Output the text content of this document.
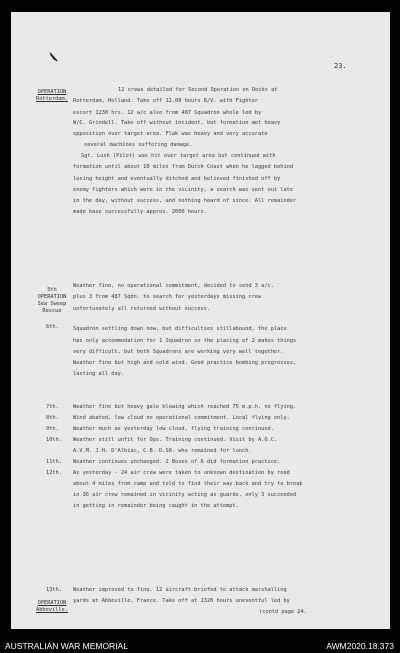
23.

OPERATION
Rotterdam.

5th
OPERATION
Sea Sweep
Rescue

OPERATION
Abbeville.

6th.
7th.
8th.
9th.
10th.
11th.
12th.
13th.
12 crews detailed for Second Operation on Docks at
Rotterdam, Holland. Take off 12.00 hours R/V. with Fighter
escort 1230 hrs. 12 a/c also from 487 Squadron whole led by
W/C. Grindell. Take off without incident, but formation met heavy
opposition over target area. Flak was heavy and very accurate
several machines suffering damage.
Sgt. Lush (Pilot) was hit over target area but continued with
formation until about 10 miles from Dutch Coast when he lagged behind
losing height and eventually ditched and believed finished off by
enemy fighters which were in the vicinity, a search was sent out late
in the day, without success, and nothing heard of since. All remainder
made base successfully approx. 2000 hours.
Weather fine, no operational commitment, decided to send 3 a/c.
plus 3 from 487 Sqdn. to search for yesterdays missing crew
unfortunately all returned without success.
Squadron settling down now, but difficulties stillabound, the place
has only accommodation for 1 Squadron so the placing of 2 makes things
very difficult, but both Squadrons are working very well together.
Weather fine but high and cold wind. Good practice bombing progresses,
lasting all day.
Weather fine but heavy gale blowing which reached 75 m.p.h. no flying.
Wind abated, low cloud no operational commitment. Local flying only.
Weather much as yesterday low cloud, flying training continued.
Weather still unfit for Ops. Training continued. Visit by A.O.C.
A.V.M. J.H. D'Albiac, C.B. D.S0. who remained for lunch.
Weather continues unchanged. 2 Boxes of 6 did formation practice.
As yesterday - 24 air crew were taken to unknown destination by road
about 4 miles from camp and told to find their way back and try to break
in 36 air crew remained in vicinity acting as guards, only 3 succeeded
in getting in remainder being caught in the attempt.
Weather improved to fine. 12 aircraft briefed to attack marshalling
yards at Abbeville, France. Take off at 1320 hours uneventful led by
(contd page 24.
AUSTRALIAN WAR MEMORIAL	AWM2020.18.373
